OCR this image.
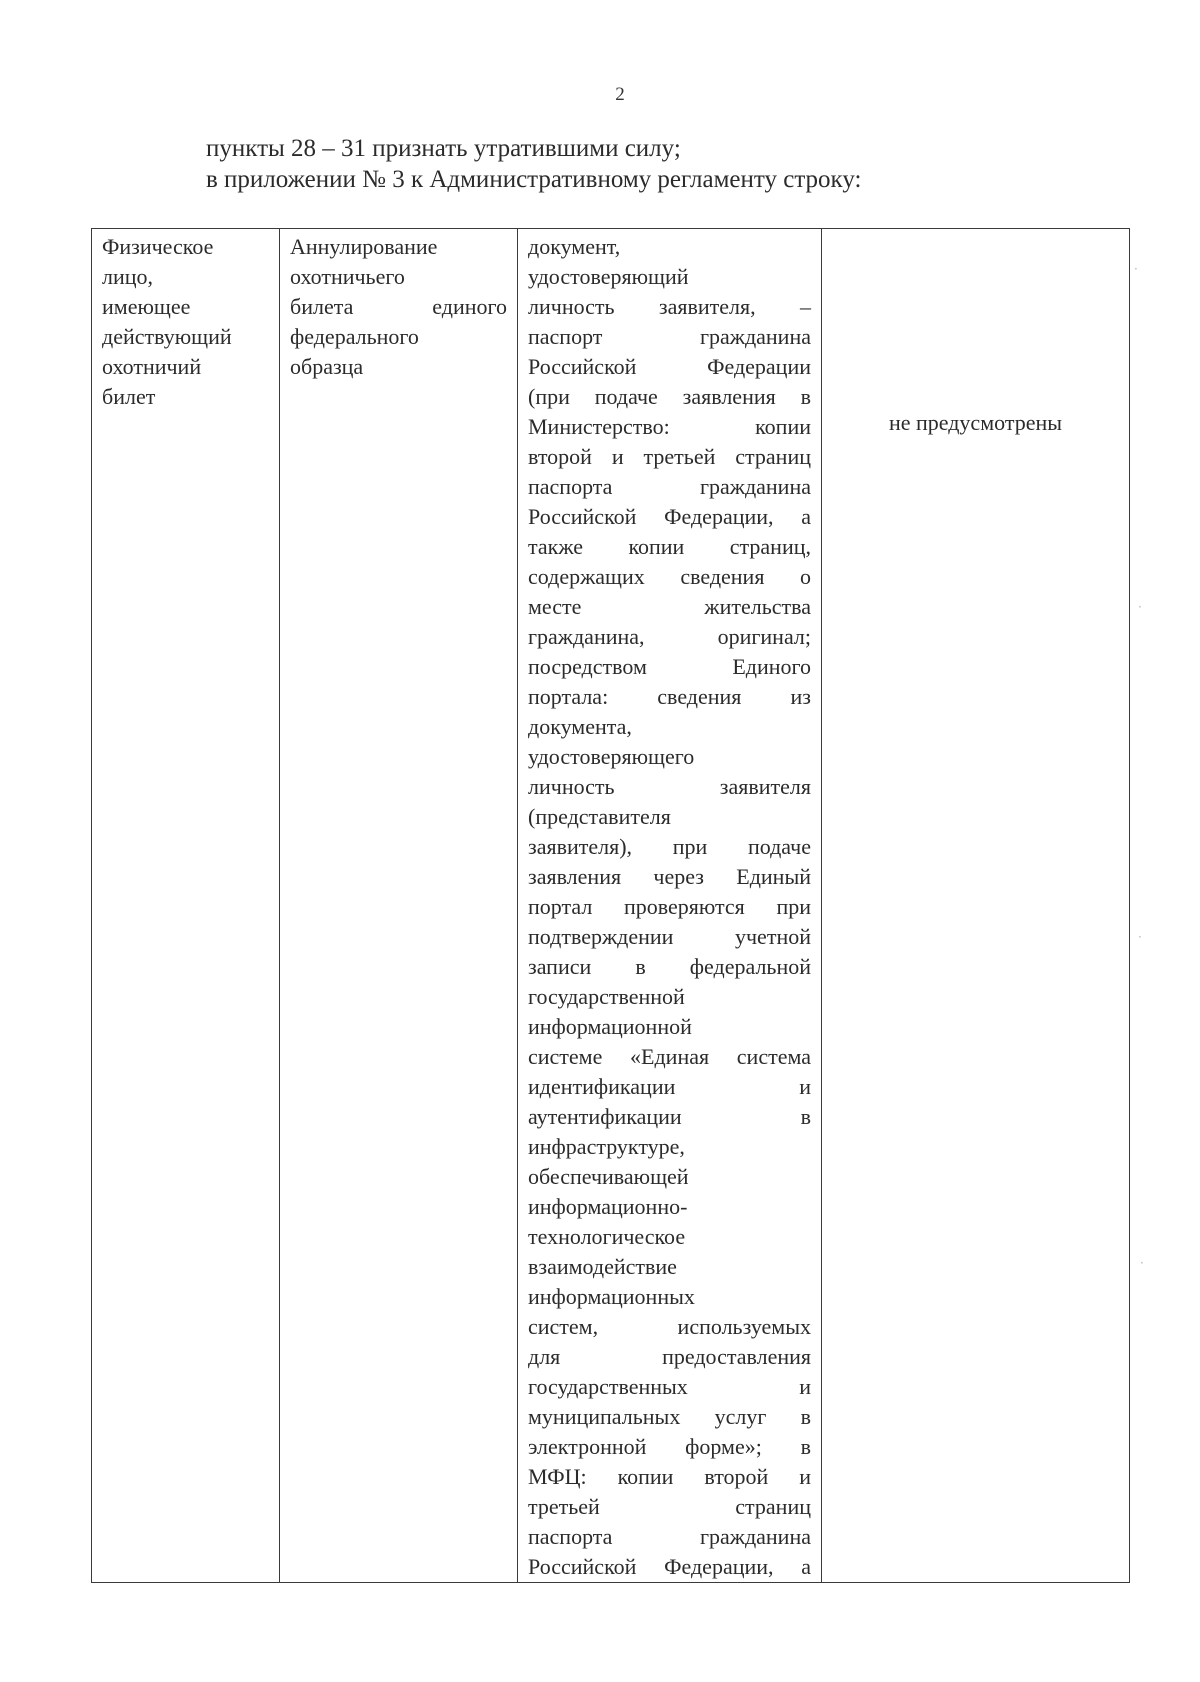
2

пункты 28 – 31 признать утратившими силу;

в приложении № 3 к Административному регламенту строку:

Физическое
лицо,
имеющее
действующий
охотничий
билет

Аннулирование
охотничьего
билета единого
федерального
образца

документ,
удостоверяющий
личность заявителя, –
паспорт гражданина
Российской Федерации
(при подаче заявления в
Министерство: копии
второй и третьей страниц
паспорта гражданина
Российской Федерации, а
также копии страниц,
содержащих сведения о
месте жительства
гражданина, оригинал;
посредством Единого
портала: сведения из
документа,
удостоверяющего
личность заявителя
(представителя
заявителя), при подаче
заявления через Единый
портал проверяются при
подтверждении учетной
записи в федеральной
государственной
информационной
системе «Единая система
идентификации и
аутентификации в
инфраструктуре,
обеспечивающей
информационно-
технологическое
взаимодействие
информационных
систем, используемых
для предоставления
государственных и
муниципальных услуг в
электронной форме»; в
МФЦ: копии второй и
третьей страниц
паспорта гражданина
Российской Федерации, а

не предусмотрены
·
·
·
·
